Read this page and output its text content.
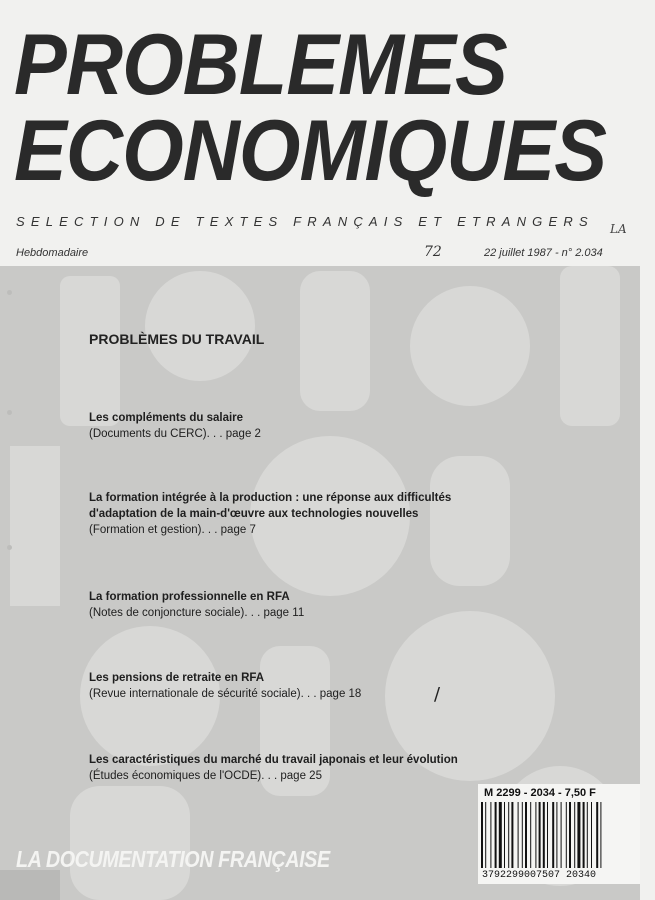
PROBLEMES
ECONOMIQUES
SELECTION DE TEXTES FRANÇAIS ET ETRANGERS
Hebdomadaire	72
LA
22 juillet 1987 - n° 2.034
PROBLÈMES DU TRAVAIL
Les compléments du salaire
(Documents du CERC). . . page 2
La formation intégrée à la production : une réponse aux difficultés d'adaptation de la main-d'œuvre aux technologies nouvelles
(Formation et gestion). . . page 7
La formation professionnelle en RFA
(Notes de conjoncture sociale). . . page 11
Les pensions de retraite en RFA
(Revue internationale de sécurité sociale). . . page 18
Les caractéristiques du marché du travail japonais et leur évolution
(Études économiques de l'OCDE). . . page 25
/
M 2299 - 2034 - 7,50 F
3792299007507 20340
LA DOCUMENTATION FRANÇAISE
